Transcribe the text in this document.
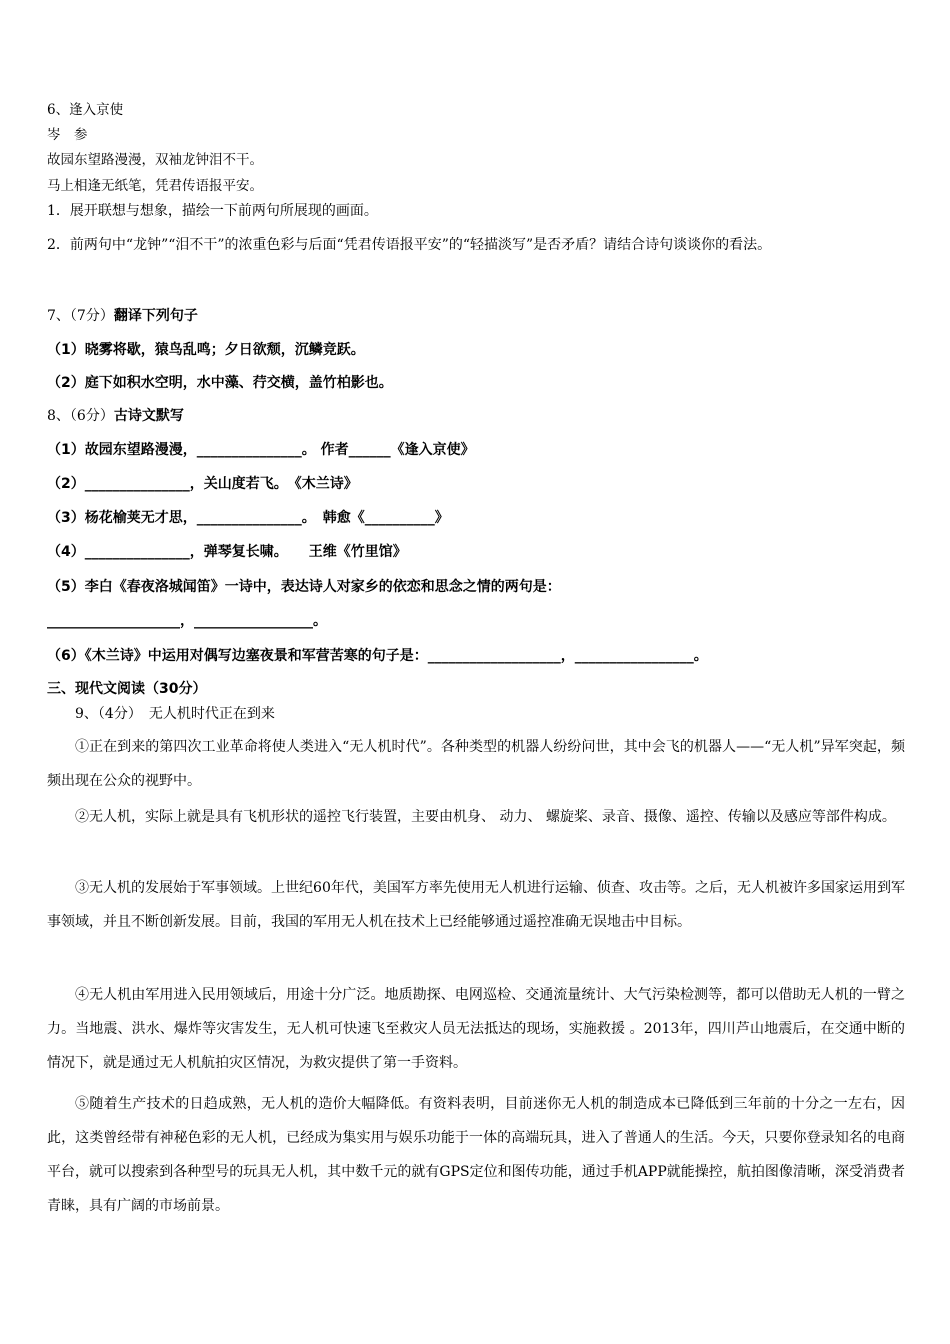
6、逢入京使
岑　参
故园东望路漫漫，双袖龙钟泪不干。
马上相逢无纸笔，凭君传语报平安。
1．展开联想与想象，描绘一下前两句所展现的画面。
2．前两句中“龙钟”“泪不干”的浓重色彩与后面“凭君传语报平安”的“轻描淡写”是否矛盾？请结合诗句谈谈你的看法。
7、（7分）翻译下列句子
（1）晓雾将歇，猿鸟乱鸣；夕日欲颓，沉鳞竞跃。
（2）庭下如积水空明，水中藻、荇交横，盖竹柏影也。
8、（6分）古诗文默写
（1）故园东望路漫漫，_______________。 作者______《逢入京使》
（2）_______________，关山度若飞。　《木兰诗》
（3）杨花榆荚无才思，_______________。　韩愈《__________》
（4）_______________，弹琴复长啸。　　王维《竹里馆》
（5）李白《春夜洛城闻笛》一诗中，表达诗人对家乡的依恋和思念之情的两句是：
___________________，_________________。
（6）《木兰诗》中运用对偶写边塞夜景和军营苦寒的句子是：___________________，_________________。
三、现代文阅读（30分）
9、（4分）　无人机时代正在到来
①正在到来的第四次工业革命将使人类进入“无人机时代”。各种类型的机器人纷纷问世，其中会飞的机器人——“无人机”异军突起，频频出现在公众的视野中。
②无人机，实际上就是具有飞机形状的遥控飞行装置，主要由机身、 动力、 螺旋桨、录音、摄像、遥控、传输以及感应等部件构成。
③无人机的发展始于军事领域。上世纪60年代，美国军方率先使用无人机进行运输、侦查、攻击等。之后，无人机被许多国家运用到军事领域，并且不断创新发展。目前，我国的军用无人机在技术上已经能够通过遥控准确无误地击中目标。
④无人机由军用进入民用领域后，用途十分广泛。地质勘探、电网巡检、交通流量统计、大气污染检测等，都可以借助无人机的一臂之力。当地震、洪水、爆炸等灾害发生，无人机可快速飞至救灾人员无法抵达的现场，实施救援 。2013年，四川芦山地震后，在交通中断的情况下，就是通过无人机航拍灾区情况，为救灾提供了第一手资料。
⑤随着生产技术的日趋成熟，无人机的造价大幅降低。有资料表明，目前迷你无人机的制造成本已降低到三年前的十分之一左右，因此，这类曾经带有神秘色彩的无人机，已经成为集实用与娱乐功能于一体的高端玩具，进入了普通人的生活。今天，只要你登录知名的电商平台，就可以搜索到各种型号的玩具无人机，其中数千元的就有GPS定位和图传功能，通过手机APP就能操控，航拍图像清晰，深受消费者青睐，具有广阔的市场前景。
